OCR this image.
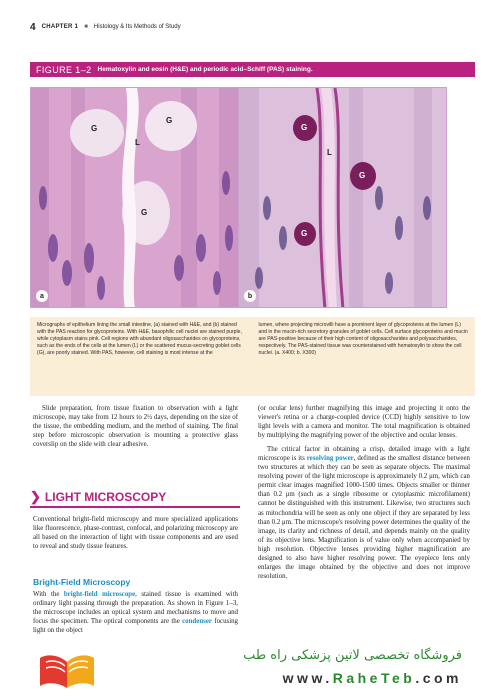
4 CHAPTER 1 ■ Histology & Its Methods of Study
FIGURE 1–2 Hematoxylin and eosin (H&E) and periodic acid–Schiff (PAS) staining.
G
G
L
G
a
L
G
G
G
b

Micrographs of epithelium lining the small intestine, (a) stained with H&E, and (b) stained with the PAS reaction for glycoproteins. With H&E, basophilic cell nuclei are stained purple, while cytoplasm stains pink. Cell regions with abundant oligosaccharides on glycoproteins, such as the ends of the cells at the lumen (L) or the scattered mucus-secreting goblet cells (G), are poorly stained. With PAS, however, cell staining is most intense at the

lumen, where projecting microvilli have a prominent layer of glycoproteins at the lumen (L) and in the mucin-rich secretory granules of goblet cells. Cell surface glycoproteins and mucin are PAS-positive because of their high content of oligosaccharides and polysaccharides, respectively. The PAS-stained tissue was counterstained with hematoxylin to show the cell nuclei. (a. X400; b. X300)

Slide preparation, from tissue fixation to observation with a light microscope, may take from 12 hours to 2½ days, depending on the size of the tissue, the embedding medium, and the method of staining. The final step before microscopic observation is mounting a protective glass coverslip on the slide with clear adhesive.

❯ LIGHT MICROSCOPY

Conventional bright-field microscopy and more specialized applications like fluorescence, phase-contrast, confocal, and polarizing microscopy are all based on the interaction of light with tissue components and are used to reveal and study tissue features.

Bright-Field Microscopy

With the bright-field microscope, stained tissue is examined with ordinary light passing through the preparation. As shown in Figure 1–3, the microscope includes an optical system and mechanisms to move and focus the specimen. The optical components are the condenser focusing light on the object

(or ocular lens) further magnifying this image and projecting it onto the viewer's retina or a charge-coupled device (CCD) highly sensitive to low light levels with a camera and monitor. The total magnification is obtained by multiplying the magnifying power of the objective and ocular lenses.

The critical factor in obtaining a crisp, detailed image with a light microscope is its resolving power, defined as the smallest distance between two structures at which they can be seen as separate objects. The maximal resolving power of the light microscope is approximately 0.2 μm, which can permit clear images magnified 1000-1500 times. Objects smaller or thinner than 0.2 μm (such as a single ribosome or cytoplasmic microfilament) cannot be distinguished with this instrument. Likewise, two structures such as mitochondria will be seen as only one object if they are separated by less than 0.2 μm. The microscope's resolving power determines the quality of the image, its clarity and richness of detail, and depends mainly on the quality of its objective lens. Magnification is of value only when accompanied by high resolution. Objective lenses providing higher magnification are designed to also have higher resolving power. The eyepiece lens only enlarges the image obtained by the objective and does not improve resolution.

فروشگاه تخصصی لاتین پزشکی راه طب
www.RaheTeb.com
